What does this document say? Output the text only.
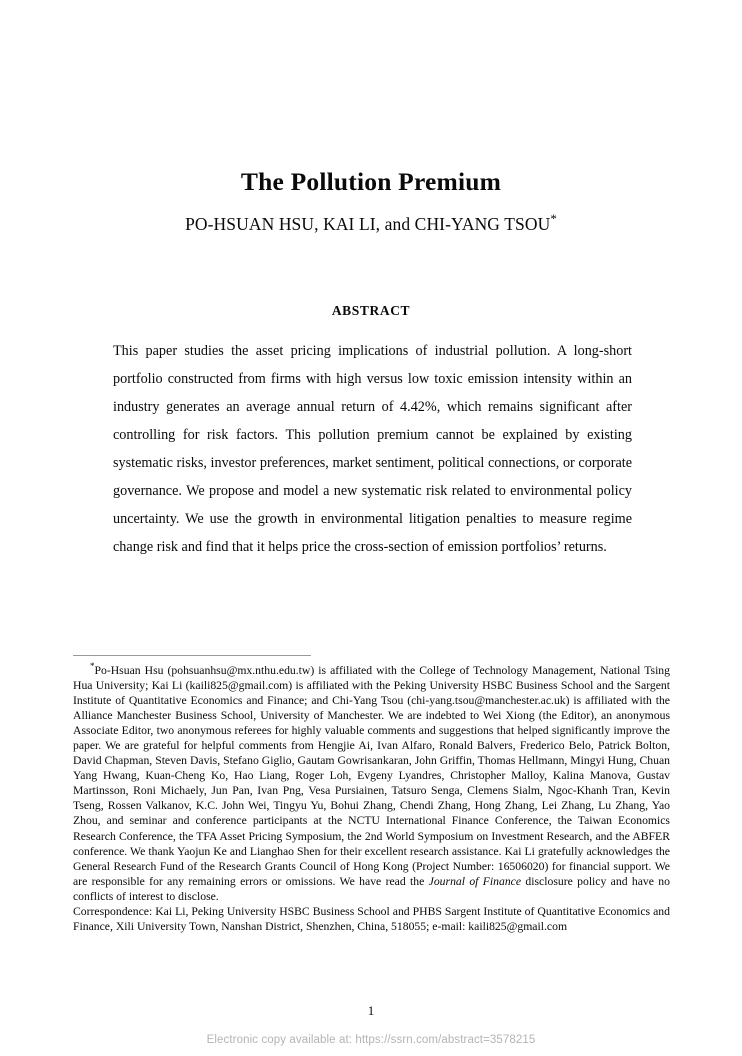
The Pollution Premium
PO-HSUAN HSU, KAI LI, and CHI-YANG TSOU*
ABSTRACT
This paper studies the asset pricing implications of industrial pollution. A long-short portfolio constructed from firms with high versus low toxic emission intensity within an industry generates an average annual return of 4.42%, which remains significant after controlling for risk factors. This pollution premium cannot be explained by existing systematic risks, investor preferences, market sentiment, political connections, or corporate governance. We propose and model a new systematic risk related to environmental policy uncertainty. We use the growth in environmental litigation penalties to measure regime change risk and find that it helps price the cross-section of emission portfolios’ returns.

*Po-Hsuan Hsu (pohsuanhsu@mx.nthu.edu.tw) is affiliated with the College of Technology Management, National Tsing Hua University; Kai Li (kaili825@gmail.com) is affiliated with the Peking University HSBC Business School and the Sargent Institute of Quantitative Economics and Finance; and Chi-Yang Tsou (chi-yang.tsou@manchester.ac.uk) is affiliated with the Alliance Manchester Business School, University of Manchester. We are indebted to Wei Xiong (the Editor), an anonymous Associate Editor, two anonymous referees for highly valuable comments and suggestions that helped significantly improve the paper. We are grateful for helpful comments from Hengjie Ai, Ivan Alfaro, Ronald Balvers, Frederico Belo, Patrick Bolton, David Chapman, Steven Davis, Stefano Giglio, Gautam Gowrisankaran, John Griffin, Thomas Hellmann, Mingyi Hung, Chuan Yang Hwang, Kuan-Cheng Ko, Hao Liang, Roger Loh, Evgeny Lyandres, Christopher Malloy, Kalina Manova, Gustav Martinsson, Roni Michaely, Jun Pan, Ivan Png, Vesa Pursiainen, Tatsuro Senga, Clemens Sialm, Ngoc-Khanh Tran, Kevin Tseng, Rossen Valkanov, K.C. John Wei, Tingyu Yu, Bohui Zhang, Chendi Zhang, Hong Zhang, Lei Zhang, Lu Zhang, Yao Zhou, and seminar and conference participants at the NCTU International Finance Conference, the Taiwan Economics Research Conference, the TFA Asset Pricing Symposium, the 2nd World Symposium on Investment Research, and the ABFER conference. We thank Yaojun Ke and Lianghao Shen for their excellent research assistance. Kai Li gratefully acknowledges the General Research Fund of the Research Grants Council of Hong Kong (Project Number: 16506020) for financial support. We are responsible for any remaining errors or omissions. We have read the Journal of Finance disclosure policy and have no conflicts of interest to disclose.

Correspondence: Kai Li, Peking University HSBC Business School and PHBS Sargent Institute of Quantitative Economics and Finance, Xili University Town, Nanshan District, Shenzhen, China, 518055; e-mail: kaili825@gmail.com

1
Electronic copy available at: https://ssrn.com/abstract=3578215
